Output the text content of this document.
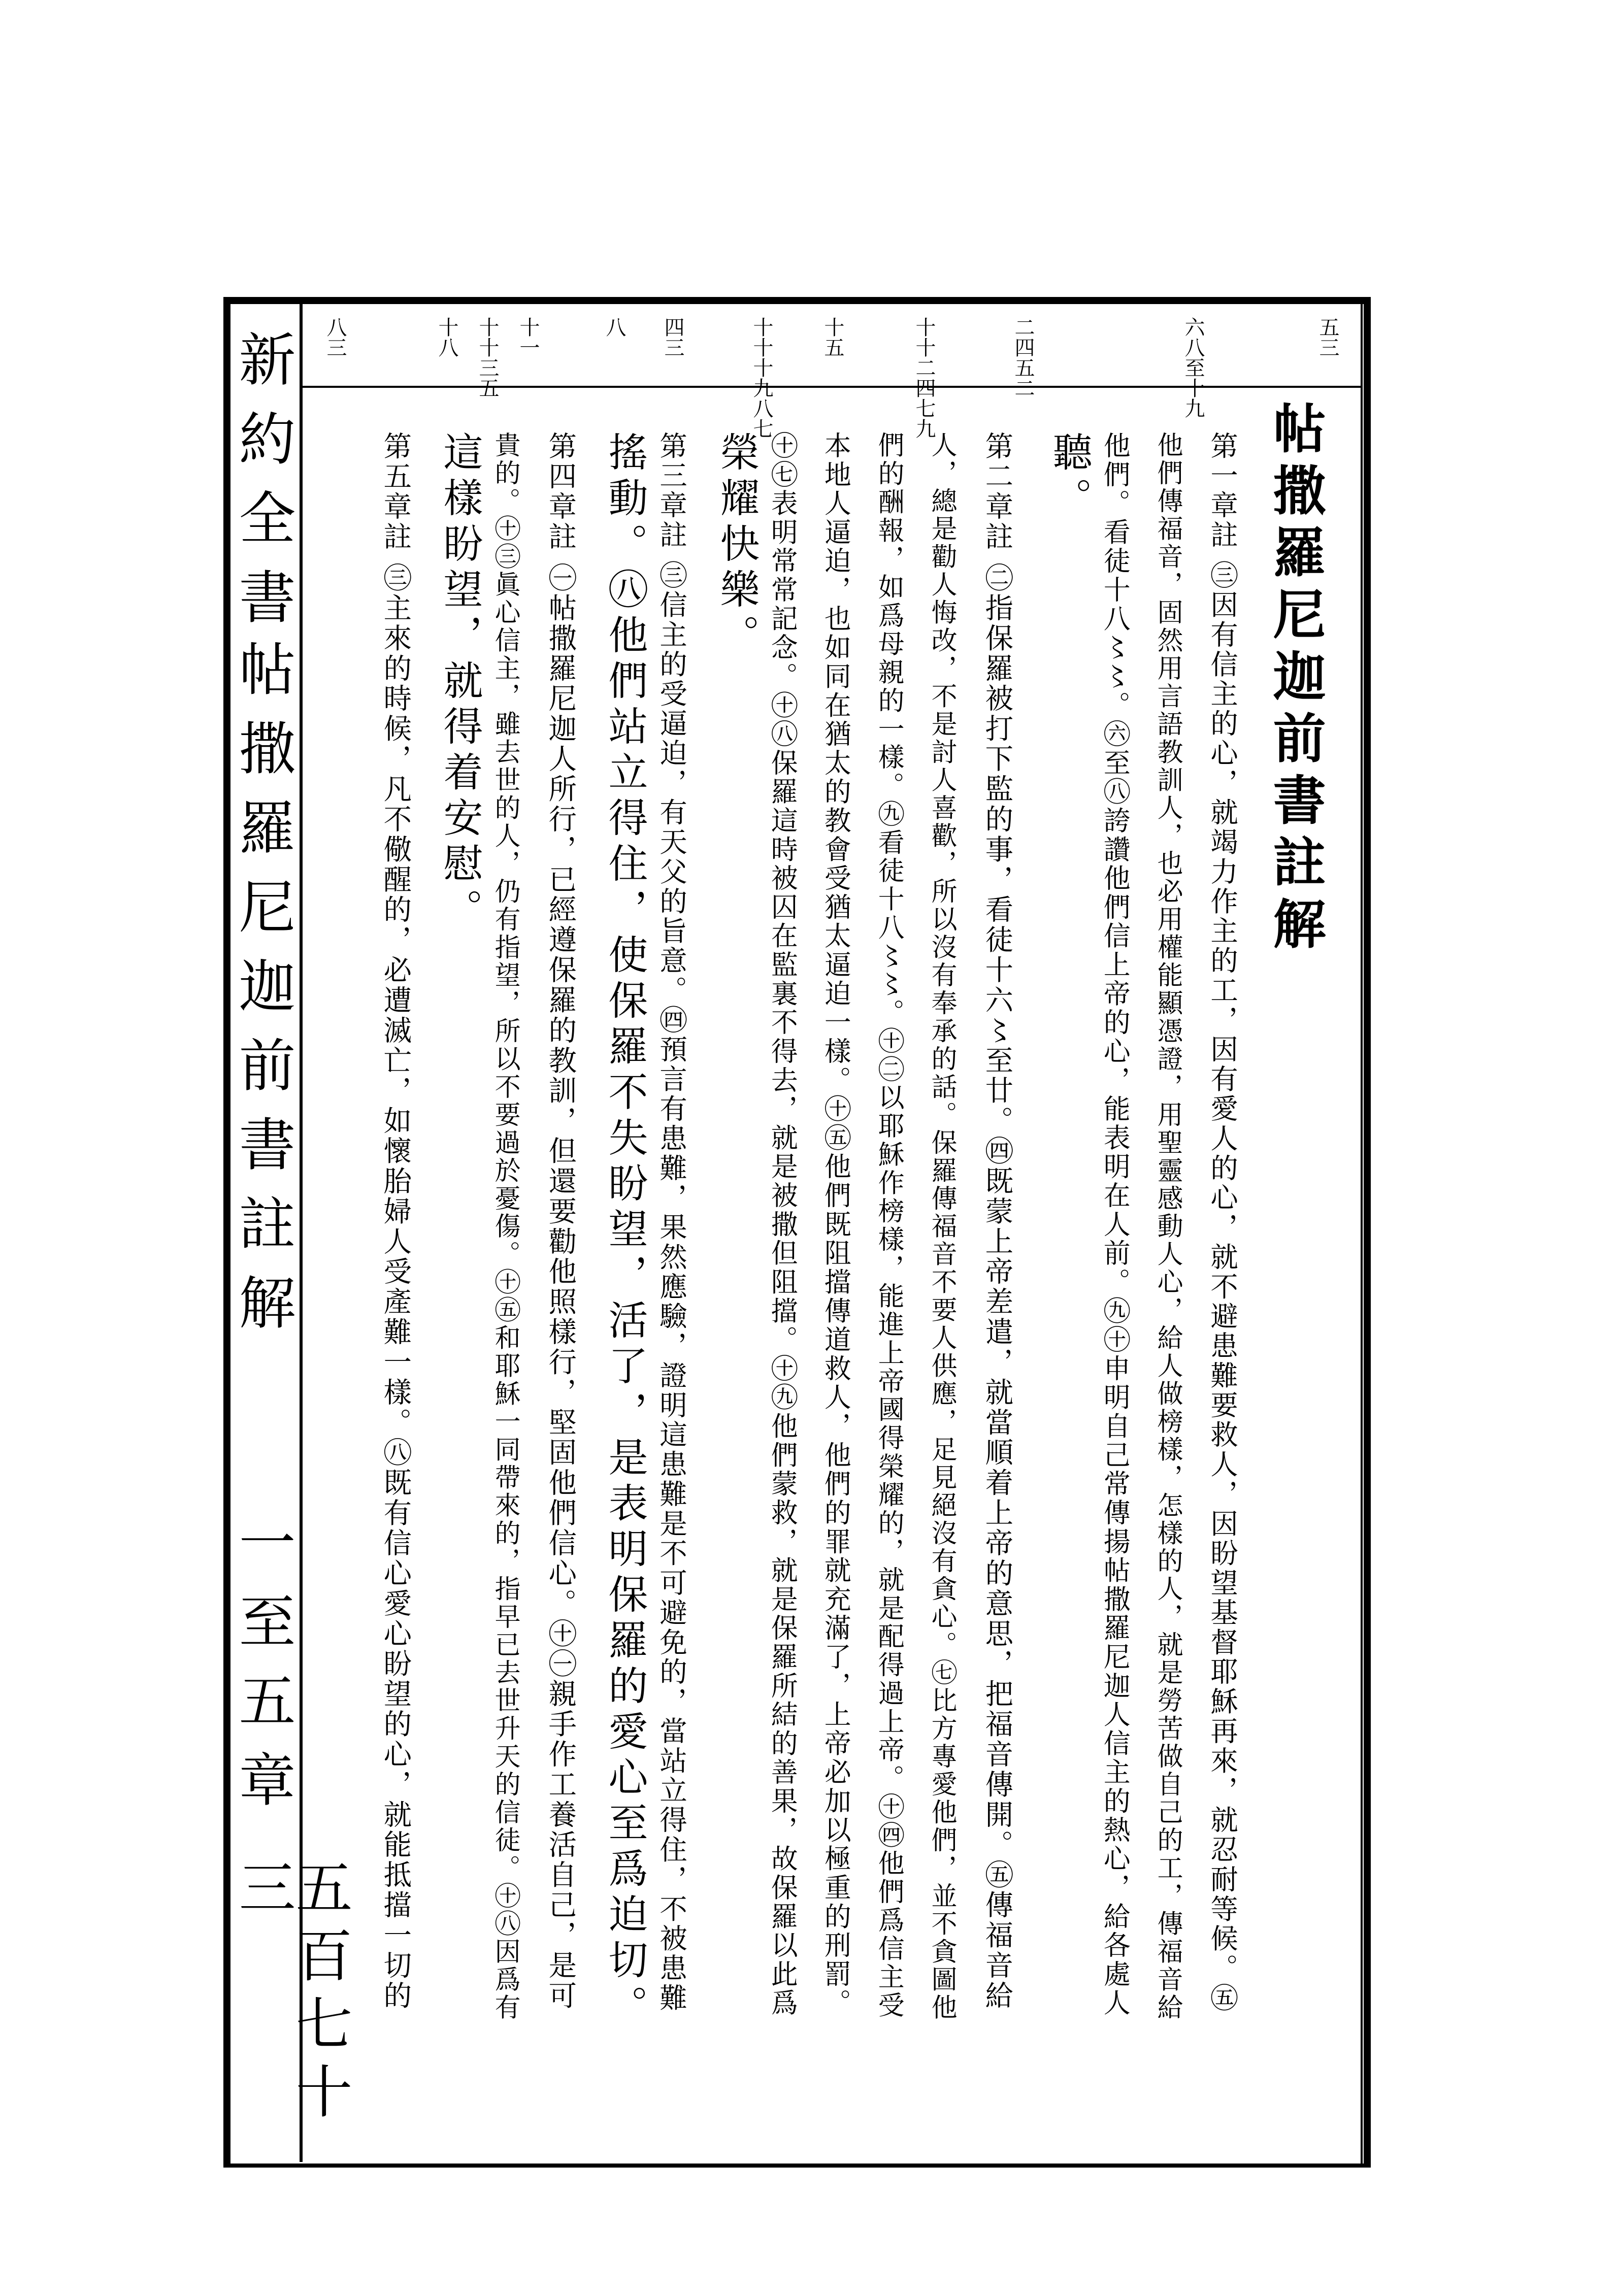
新約全書
帖撒羅尼迦前書註解
一至五章
五百七十三
五三
六八至十九
二四五二
十十二四七九
十五
十十十九八七
四三
八
十一
十十三五
十八
八三
帖撒羅尼迦前書註解
第一章註 ㊂因有信主的心，就竭力作主的工，因有愛人的心，就不避患難要救人，因盼望基督耶穌再來，就忍耐等候。㊄
他們傳福音，固然用言語教訓人，也必用權能顯憑證，用聖靈感動人心，給人做榜樣，怎樣的人，就是勞苦做自己的工，傳福音給
他們。看徒十八〻〻。㊅至㊇誇讚他們信上帝的心，能表明在人前。㊈㊉申明自己常傳揚帖撒羅尼迦人信主的熱心，給各處人
聽。
第二章註 ㊁指保羅被打下監的事，看徒十六〻至廿。㊃既蒙上帝差遣，就當順着上帝的意思，把福音傳開。㊄傳福音給
人，總是勸人悔改，不是討人喜歡，所以沒有奉承的話。保羅傳福音不要人供應，足見絕沒有貪心。㊆比方專愛他們，並不貪圖他
們的酬報，如爲母親的一樣。㊈看徒十八〻〻。㊉㊁以耶穌作榜樣，能進上帝國得榮耀的，就是配得過上帝。㊉㊃他們爲信主受
本地人逼迫，也如同在猶太的教會受猶太逼迫一樣。㊉㊄他們既阻擋傳道救人，他們的罪就充滿了，上帝必加以極重的刑罰。
㊉㊆表明常常記念。㊉㊇保羅這時被囚在監裏不得去，就是被撒但阻擋。㊉㊈他們蒙救，就是保羅所結的善果，故保羅以此爲
榮耀快樂。
第三章註 ㊂信主的受逼迫，有天父的旨意。㊃預言有患難，果然應驗，證明這患難是不可避免的，當站立得住，不被患難
搖動。㊇他們站立得住，使保羅不失盼望，活了，是表明保羅的愛心至爲迫切。
第四章註 ㊀帖撒羅尼迦人所行，已經遵保羅的教訓，但還要勸他照樣行，堅固他們信心。㊉㊀親手作工養活自己，是可
貴的。㊉㊂眞心信主，雖去世的人，仍有指望，所以不要過於憂傷。㊉㊄和耶穌一同帶來的，指早已去世升天的信徒。㊉㊇因爲有
這樣盼望，就得着安慰。
第五章註 ㊂主來的時候，凡不儆醒的，必遭滅亡，如懷胎婦人受產難一樣。㊇既有信心愛心盼望的心，就能抵擋一切的
